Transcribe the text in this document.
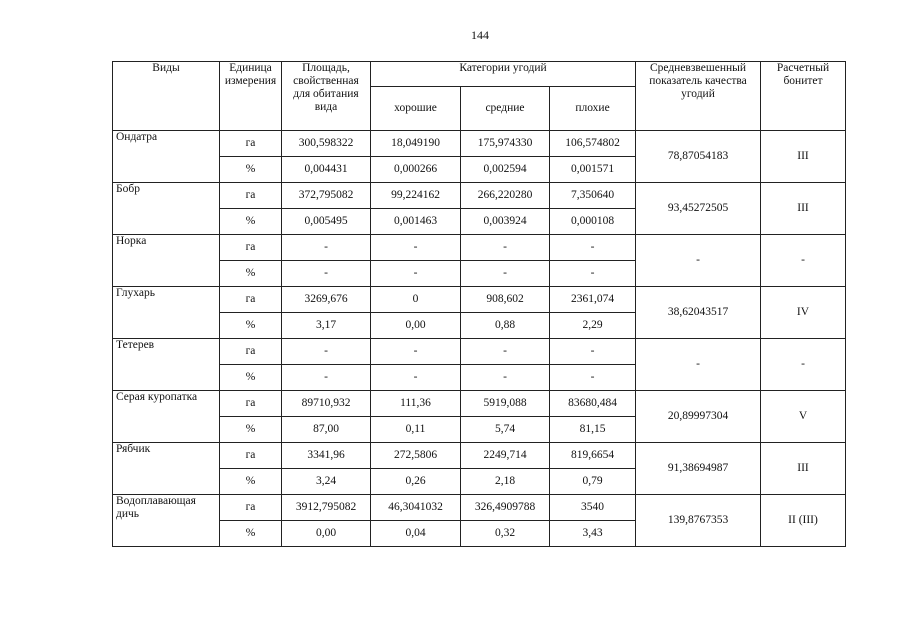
144
Виды	Единица измерения	Площадь, свойственная для обитания вида	Категории угодий			Средневзвешенный показатель качества угодий	Расчетный бонитет
			хорошие	средние	плохие		
Ондатра	га	300,598322	18,049190	175,974330	106,574802	78,87054183	III
	%	0,004431	0,000266	0,002594	0,001571		
Бобр	га	372,795082	99,224162	266,220280	7,350640	93,45272505	III
	%	0,005495	0,001463	0,003924	0,000108		
Норка	га	-	-	-	-	-	-
	%	-	-	-	-		
Глухарь	га	3269,676	0	908,602	2361,074	38,62043517	IV
	%	3,17	0,00	0,88	2,29		
Тетерев	га	-	-	-	-	-	-
	%	-	-	-	-		
Серая куропатка	га	89710,932	111,36	5919,088	83680,484	20,89997304	V
	%	87,00	0,11	5,74	81,15		
Рябчик	га	3341,96	272,5806	2249,714	819,6654	91,38694987	III
	%	3,24	0,26	2,18	0,79		
Водоплавающая дичь	га	3912,795082	46,3041032	326,4909788	3540	139,8767353	II (III)
	%	0,00	0,04	0,32	3,43		
